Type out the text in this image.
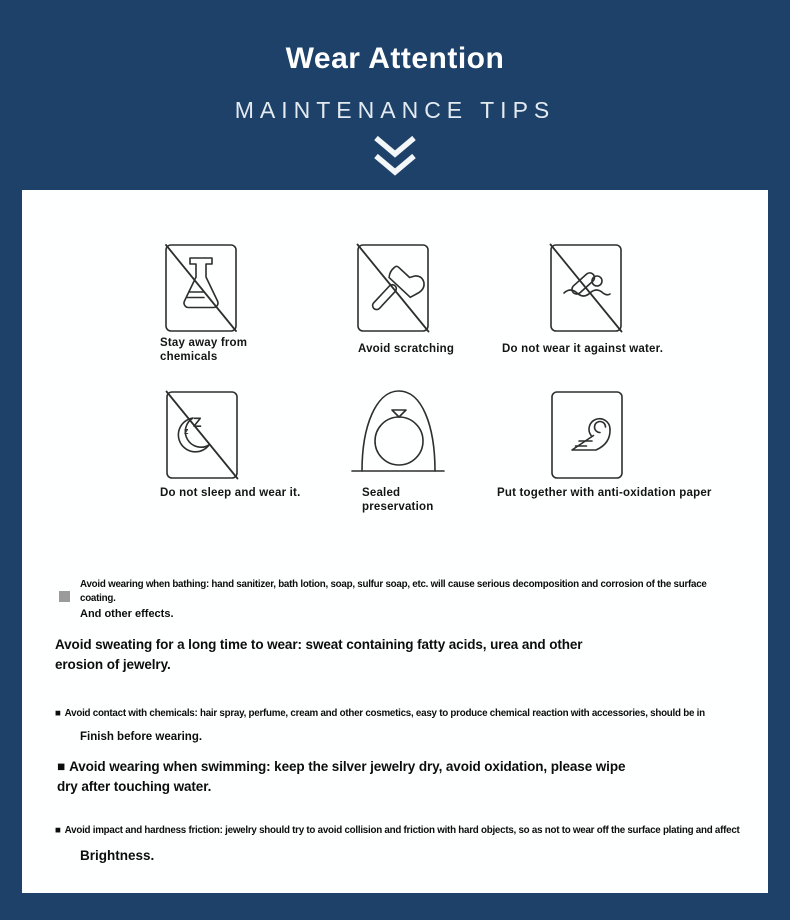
Wear Attention
MAINTENANCE TIPS
Z
z
Stay away from chemicals
Avoid scratching	Do not wear it against water.
Do not sleep and wear it.	Sealed preservation
Put together with anti-oxidation paper
Avoid wearing when bathing: hand sanitizer, bath lotion, soap, sulfur soap, etc. will cause serious decomposition and corrosion of the surface coating.
And other effects.
Avoid sweating for a long time to wear: sweat containing fatty acids, urea and other erosion of jewelry.
■ Avoid contact with chemicals: hair spray, perfume, cream and other cosmetics, easy to produce chemical reaction with accessories, should be in
Finish before wearing.
■ Avoid wearing when swimming: keep the silver jewelry dry, avoid oxidation, please wipe dry after touching water.
■ Avoid impact and hardness friction: jewelry should try to avoid collision and friction with hard objects, so as not to wear off the surface plating and affect
Brightness.
